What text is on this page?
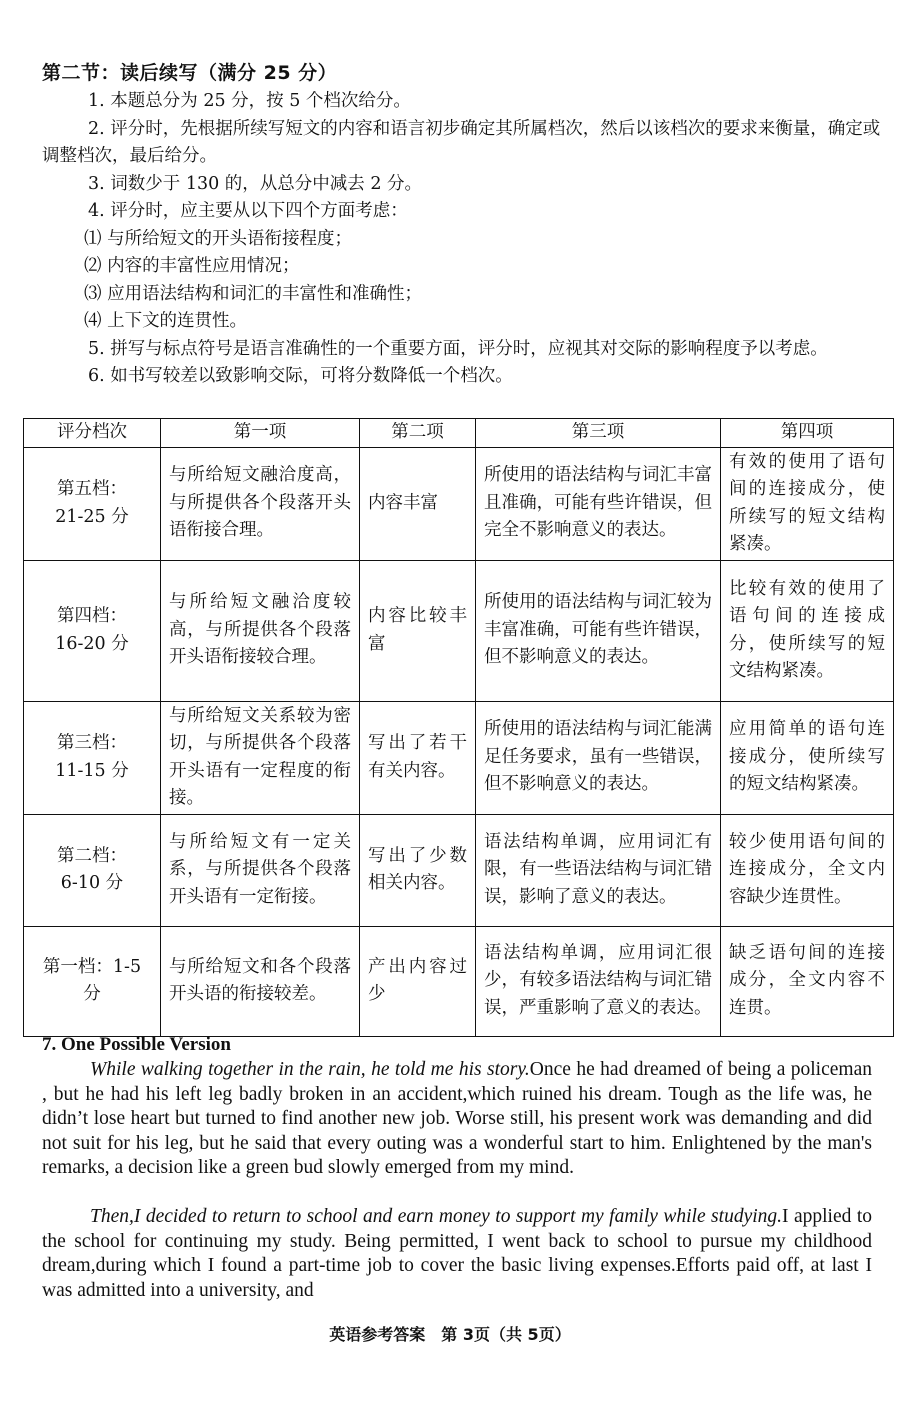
第二节：读后续写（满分 25 分）

1. 本题总分为 25 分，按 5 个档次给分。

2. 评分时，先根据所续写短文的内容和语言初步确定其所属档次，然后以该档次的要求来衡量，确定或调整档次，最后给分。

3. 词数少于 130 的，从总分中减去 2 分。

4. 评分时，应主要从以下四个方面考虑：

⑴ 与所给短文的开头语衔接程度；

⑵ 内容的丰富性应用情况；

⑶ 应用语法结构和词汇的丰富性和准确性；

⑷ 上下文的连贯性。

5. 拼写与标点符号是语言准确性的一个重要方面，评分时，应视其对交际的影响程度予以考虑。

6. 如书写较差以致影响交际，可将分数降低一个档次。

评分档次	第一项	第二项	第三项	第四项
第五档：
21-25 分	与所给短文融洽度高，与所提供各个段落开头语衔接合理。	内容丰富	所使用的语法结构与词汇丰富且准确，可能有些许错误，但完全不影响意义的表达。	有效的使用了语句间的连接成分，使所续写的短文结构紧凑。
第四档：
16-20 分	与所给短文融洽度较高，与所提供各个段落开头语衔接较合理。	内容比较丰富	所使用的语法结构与词汇较为丰富准确，可能有些许错误，但不影响意义的表达。	比较有效的使用了语句间的连接成分，使所续写的短文结构紧凑。
第三档：
11-15 分	与所给短文关系较为密切，与所提供各个段落开头语有一定程度的衔接。	写出了若干有关内容。	所使用的语法结构与词汇能满足任务要求，虽有一些错误，但不影响意义的表达。	应用简单的语句连接成分，使所续写的短文结构紧凑。
第二档：
6-10 分	与所给短文有一定关系，与所提供各个段落开头语有一定衔接。	写出了少数相关内容。	语法结构单调，应用词汇有限，有一些语法结构与词汇错误，影响了意义的表达。	较少使用语句间的连接成分，全文内容缺少连贯性。
第一档：1-5
分	与所给短文和各个段落开头语的衔接较差。	产出内容过少	语法结构单调，应用词汇很少，有较多语法结构与词汇错误，严重影响了意义的表达。	缺乏语句间的连接成分，全文内容不连贯。
7. One Possible Version

While walking together in the rain, he told me his story.Once he had dreamed of being a policeman , but he had his left leg badly broken in an accident,which ruined his dream. Tough as the life was, he didn’t lose heart but turned to find another new job. Worse still, his present work was demanding and did not suit for his leg, but he said that every outing was a wonderful start to him. Enlightened by the man's remarks, a decision like a green bud slowly emerged from my mind.

Then,I decided to return to school and earn money to support my family while studying.I applied to the school for continuing my study. Being permitted, I went back to school to pursue my childhood dream,during which I found a part-time job to cover the basic living expenses.Efforts paid off, at last I was admitted into a university, and

英语参考答案　第 3页（共 5页）
